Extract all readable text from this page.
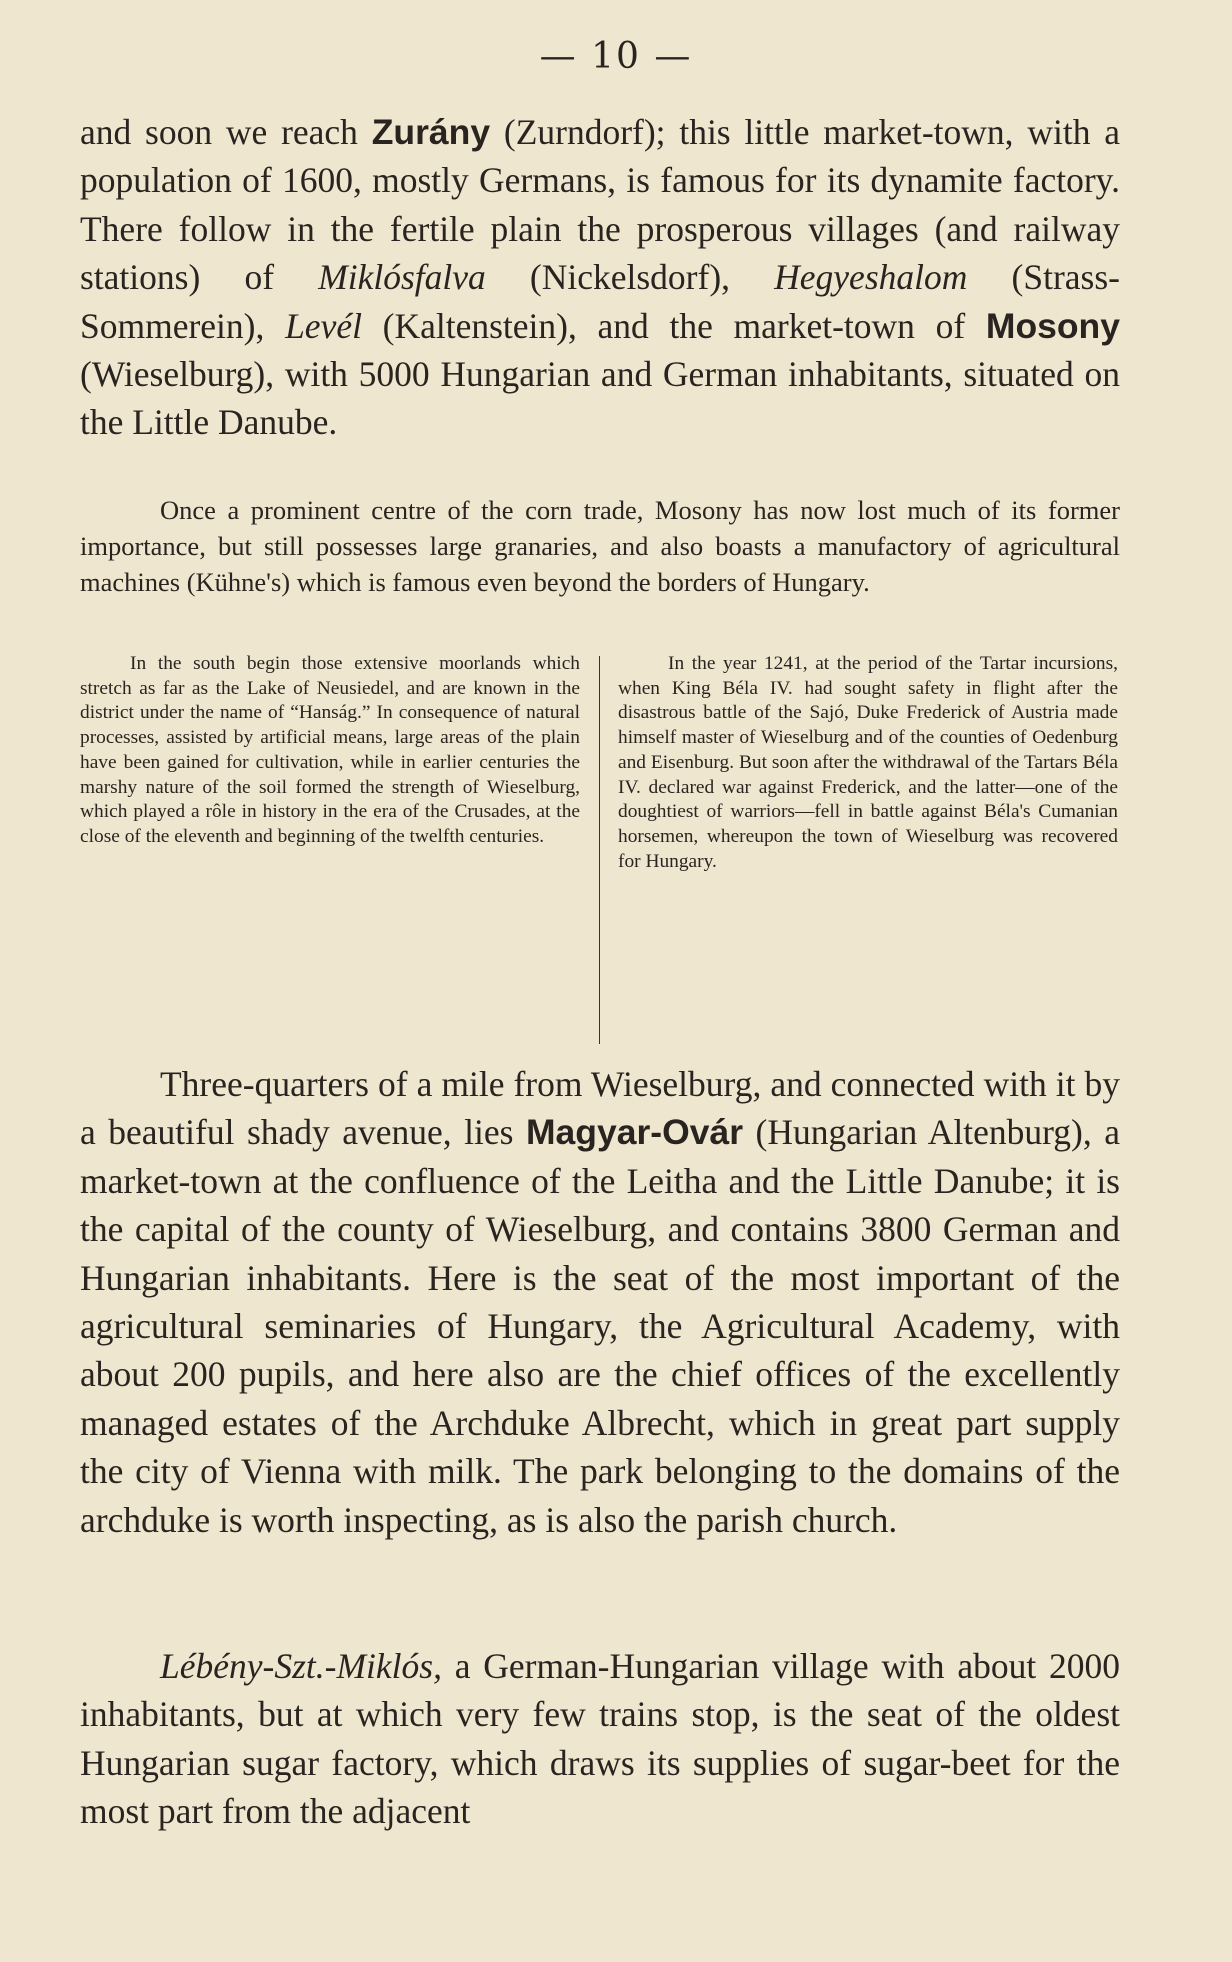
— 10 —

and soon we reach Zurány (Zurndorf); this little market-town, with a population of 1600, mostly Germans, is famous for its dynamite factory. There follow in the fertile plain the prosperous villages (and railway stations) of Miklósfalva (Nickelsdorf), Hegyeshalom (Strass-Sommerein), Levél (Kaltenstein), and the market-town of Mosony (Wieselburg), with 5000 Hungarian and German inhabitants, situated on the Little Danube.

Once a prominent centre of the corn trade, Mosony has now lost much of its former importance, but still possesses large granaries, and also boasts a manufactory of agricultural machines (Kühne's) which is famous even beyond the borders of Hungary.

In the south begin those extensive moorlands which stretch as far as the Lake of Neusiedel, and are known in the district under the name of “Hanság.” In consequence of natural processes, assisted by artificial means, large areas of the plain have been gained for cultivation, while in earlier centuries the marshy nature of the soil formed the strength of Wieselburg, which played a rôle in history in the era of the Crusades, at the close of the eleventh and beginning of the twelfth centuries.

In the year 1241, at the period of the Tartar incursions, when King Béla IV. had sought safety in flight after the disastrous battle of the Sajó, Duke Frederick of Austria made himself master of Wieselburg and of the counties of Oedenburg and Eisenburg. But soon after the withdrawal of the Tartars Béla IV. declared war against Frederick, and the latter—one of the doughtiest of warriors—fell in battle against Béla's Cumanian horsemen, whereupon the town of Wieselburg was recovered for Hungary.

Three-quarters of a mile from Wieselburg, and connected with it by a beautiful shady avenue, lies Magyar-Ovár (Hungarian Altenburg), a market-town at the confluence of the Leitha and the Little Danube; it is the capital of the county of Wieselburg, and contains 3800 German and Hungarian inhabitants. Here is the seat of the most important of the agricultural seminaries of Hungary, the Agricultural Academy, with about 200 pupils, and here also are the chief offices of the excellently managed estates of the Archduke Albrecht, which in great part supply the city of Vienna with milk. The park belonging to the domains of the archduke is worth inspecting, as is also the parish church.

Lébény-Szt.-Miklós, a German-Hungarian village with about 2000 inhabitants, but at which very few trains stop, is the seat of the oldest Hungarian sugar factory, which draws its supplies of sugar-beet for the most part from the adjacent
